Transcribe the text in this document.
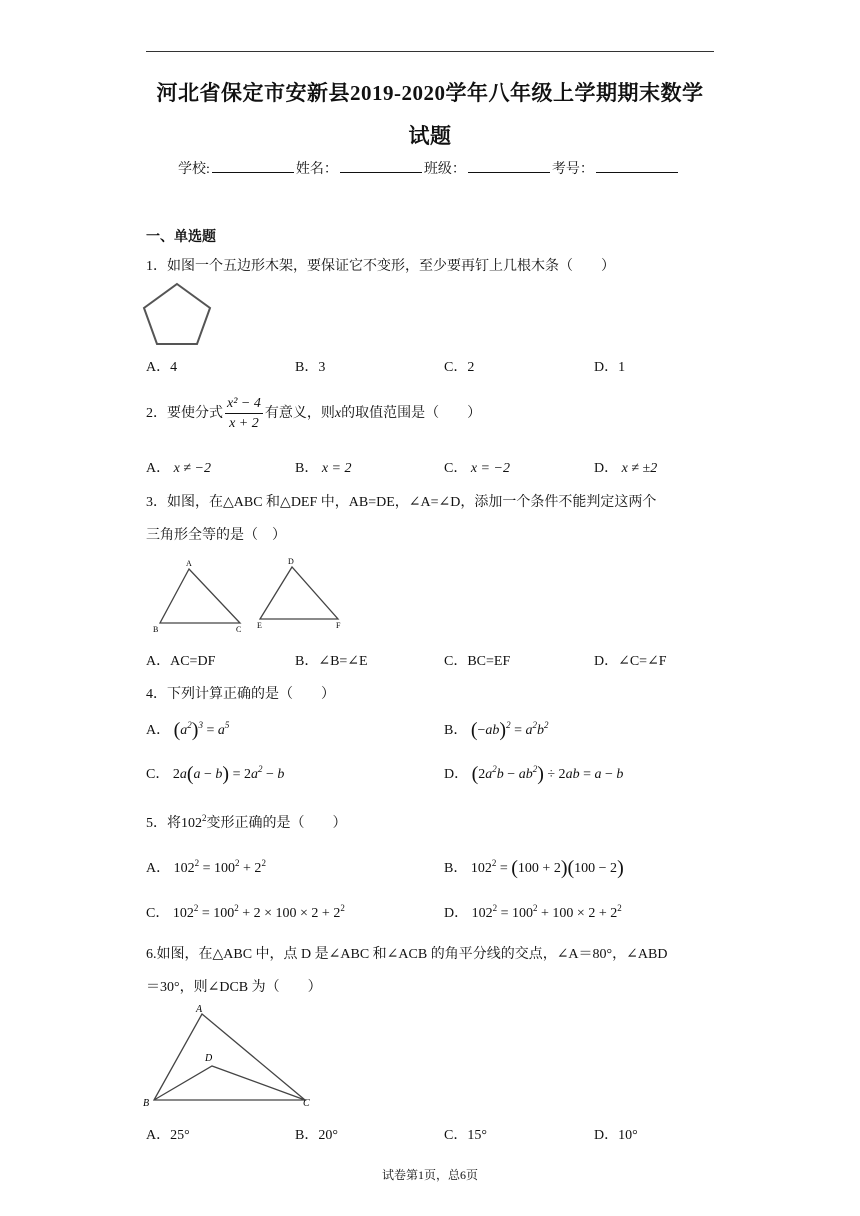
河北省保定市安新县2019-2020学年八年级上学期期末数学
试题
学校:	姓名：	班级：	考号：
一、单选题
1．如图一个五边形木架，要保证它不变形，至少要再钉上几根木条（　　）
A．4	B．3	C．2	D．1
2．要使分式 $\frac{\text{x² − 4}}{x + 2}$ 有意义，则x的取值范围是（　　）
A． x ≠ −2	B． x = 2	C． x = −2	D． x ≠ ±2
3．如图，在△ABC 和△DEF 中，AB=DE，∠A=∠D，添加一个条件不能判定这两个
三角形全等的是（　）
A
B	C
D
E	F
A．AC=DF	B．∠B=∠E	C．BC=EF	D．∠C=∠F
4．下列计算正确的是（　　）
A． $(a^2)^3 = a^5$	B． $(-ab)^2 = a^2b^2$
C． $2a(a - b) = 2a^2 - b$	D． $(2a^2b - ab^2) \div 2ab = a - b$
5．将$102^2$变形正确的是（　　）
A． $102^2 = 100^2 + 2^2$	B． $102^2 = (100 + 2)(100 - 2)$
C． $102^2 = 100^2 + 2 \times 100 \times 2 + 2^2$	D． $102^2 = 100^2 + 100 \times 2 + 2^2$
6.如图，在△ABC 中，点 D 是∠ABC 和∠ACB 的角平分线的交点，∠A＝80°，∠ABD
＝30°，则∠DCB 为（　　）
A
D
B	C
A．25°	B．20°	C．15°	D．10°
试卷第1页，总6页
